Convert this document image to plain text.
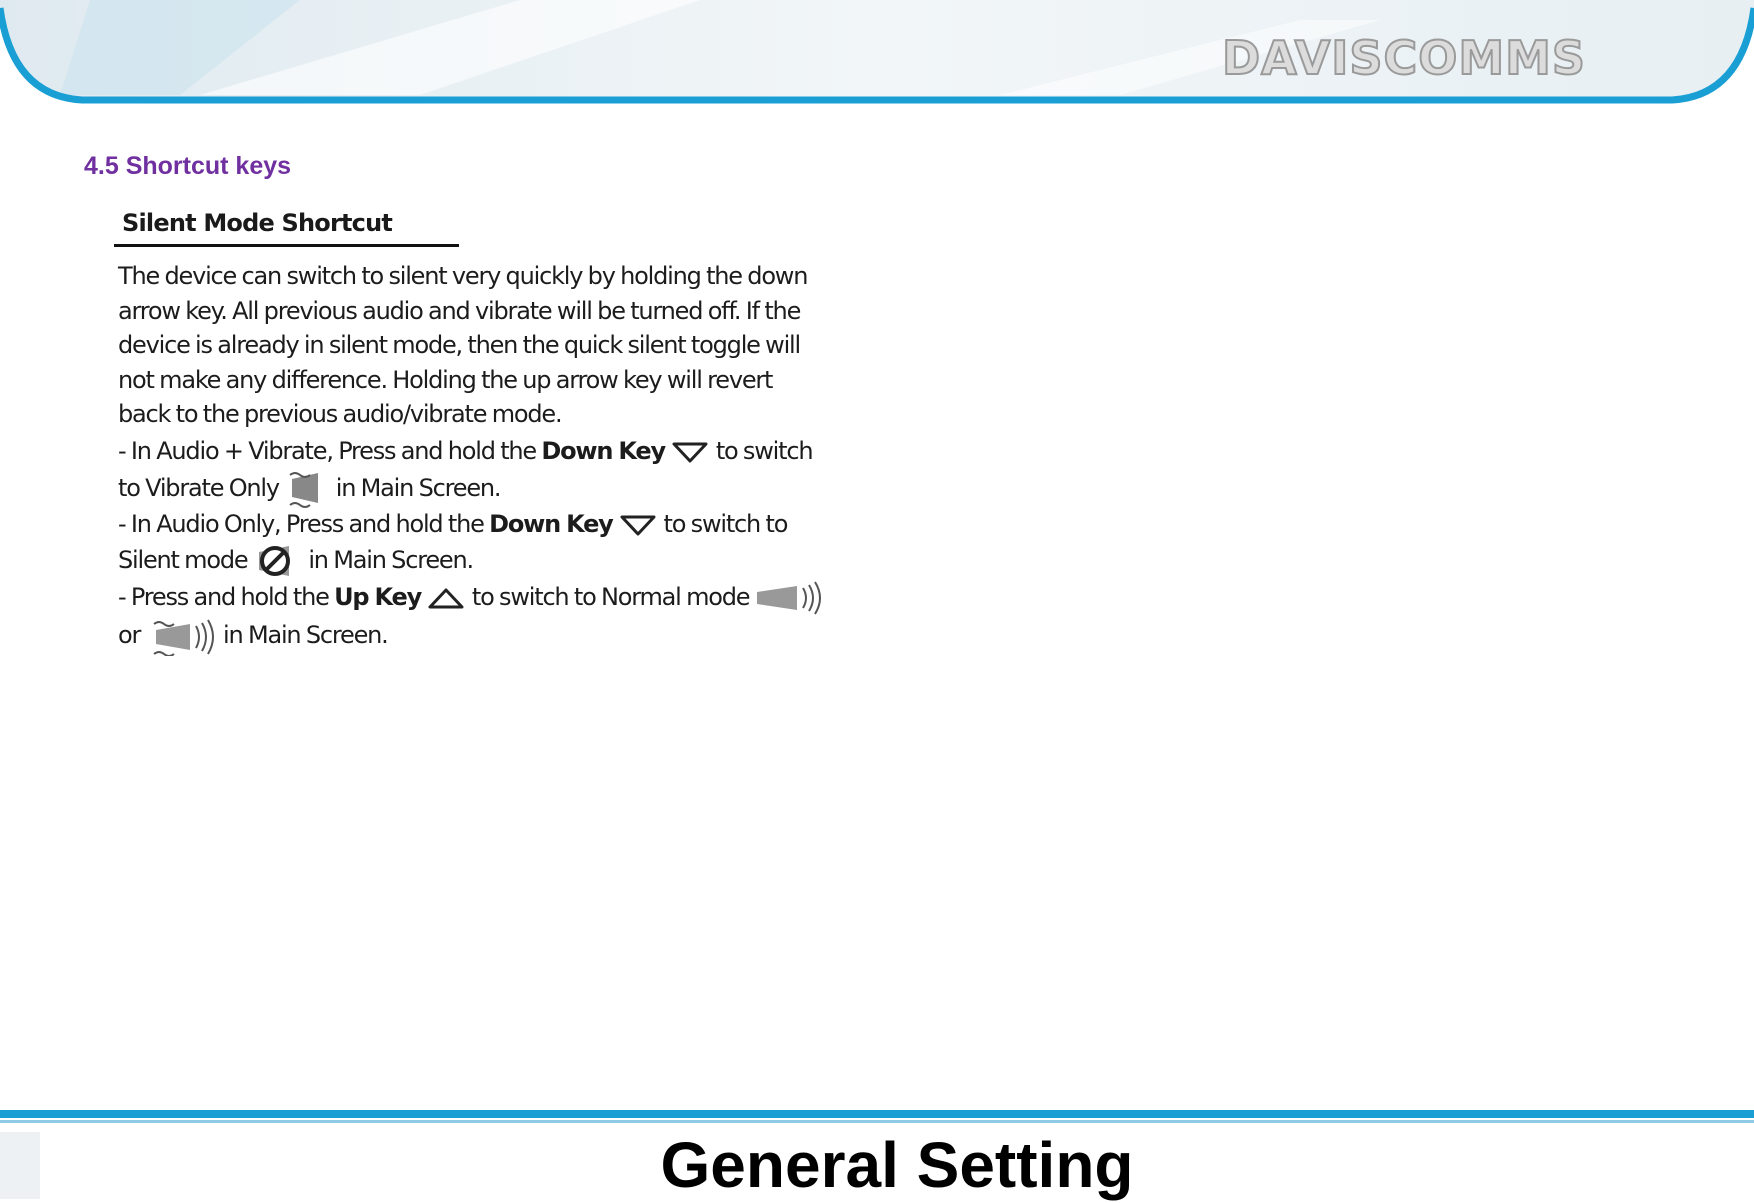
DAVISCOMMS
4.5 Shortcut keys
Silent Mode Shortcut
The device can switch to silent very quickly by holding the down
arrow key. All previous audio and vibrate will be turned off. If the
device is already in silent mode, then the quick silent toggle will
not make any difference. Holding the up arrow key will revert
back to the previous audio/vibrate mode.
- In Audio + Vibrate, Press and hold the Down Key  to switch
to Vibrate Only  in Main Screen.
- In Audio Only, Press and hold the Down Key  to switch to
Silent mode	in Main Screen.
- Press and hold the Up Key  to switch to Normal mode
or	in Main Screen.
General Setting
